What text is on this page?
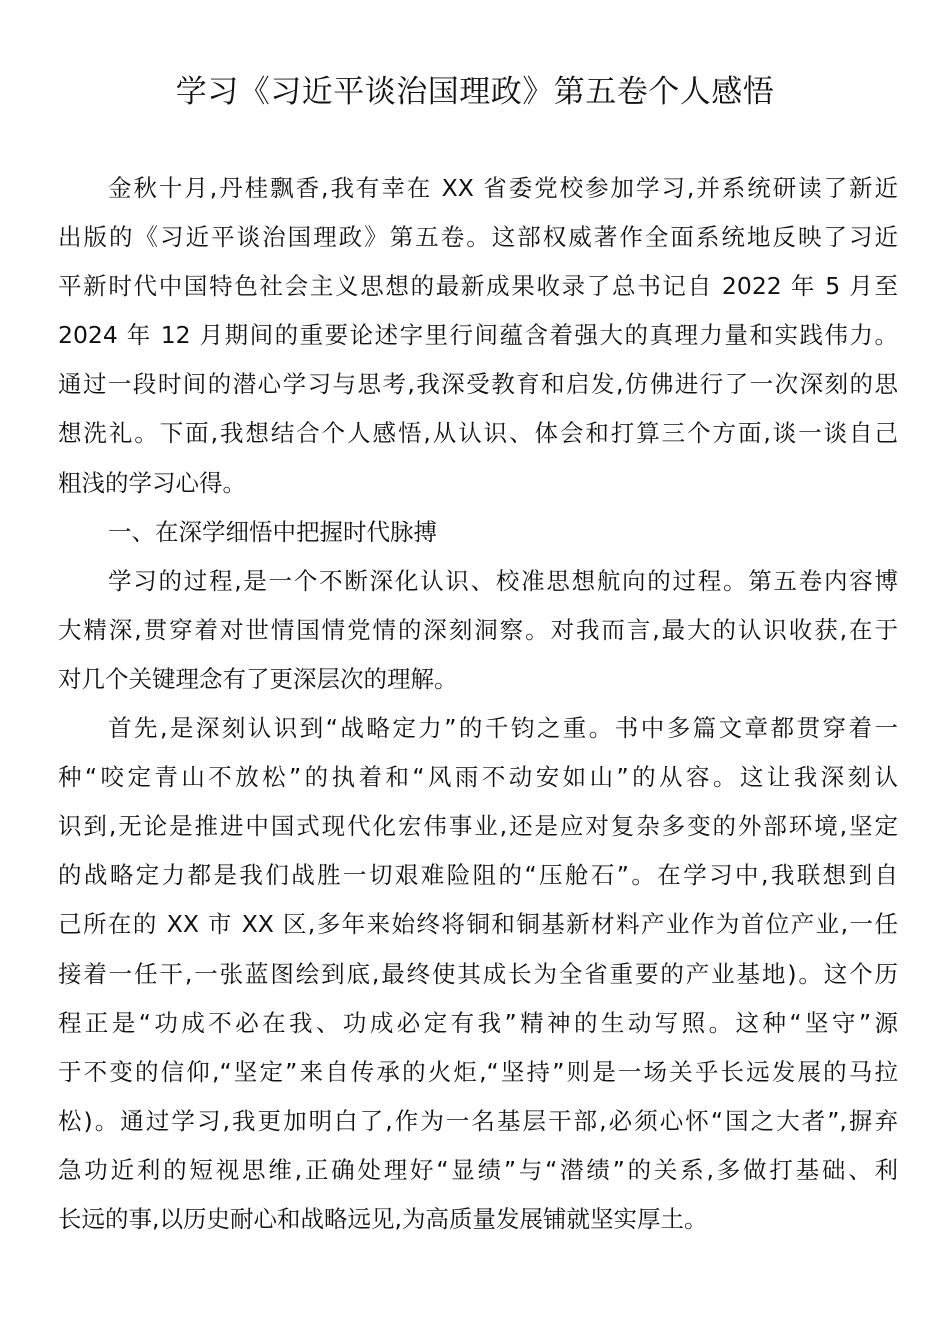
学习《习近平谈治国理政》第五卷个人感悟
金秋十月,丹桂飘香,我有幸在 XX 省委党校参加学习,并系统研读了新近
出版的《习近平谈治国理政》第五卷。这部权威著作全面系统地反映了习近
平新时代中国特色社会主义思想的最新成果收录了总书记自 2022 年 5 月至
2024 年 12 月期间的重要论述字里行间蕴含着强大的真理力量和实践伟力。
通过一段时间的潜心学习与思考,我深受教育和启发,仿佛进行了一次深刻的思
想洗礼。下面,我想结合个人感悟,从认识、体会和打算三个方面,谈一谈自己
粗浅的学习心得。
一、在深学细悟中把握时代脉搏
学习的过程,是一个不断深化认识、校准思想航向的过程。第五卷内容博
大精深,贯穿着对世情国情党情的深刻洞察。对我而言,最大的认识收获,在于
对几个关键理念有了更深层次的理解。
首先,是深刻认识到“战略定力”的千钧之重。书中多篇文章都贯穿着一
种“咬定青山不放松”的执着和“风雨不动安如山”的从容。这让我深刻认
识到,无论是推进中国式现代化宏伟事业,还是应对复杂多变的外部环境,坚定
的战略定力都是我们战胜一切艰难险阻的“压舱石”。在学习中,我联想到自
己所在的 XX 市 XX 区,多年来始终将铜和铜基新材料产业作为首位产业,一任
接着一任干,一张蓝图绘到底,最终使其成长为全省重要的产业基地)。这个历
程正是“功成不必在我、功成必定有我”精神的生动写照。这种“坚守”源
于不变的信仰,“坚定”来自传承的火炬,“坚持”则是一场关乎长远发展的马拉
松)。通过学习,我更加明白了,作为一名基层干部,必须心怀“国之大者”,摒弃
急功近利的短视思维,正确处理好“显绩”与“潜绩”的关系,多做打基础、利
长远的事,以历史耐心和战略远见,为高质量发展铺就坚实厚土。
